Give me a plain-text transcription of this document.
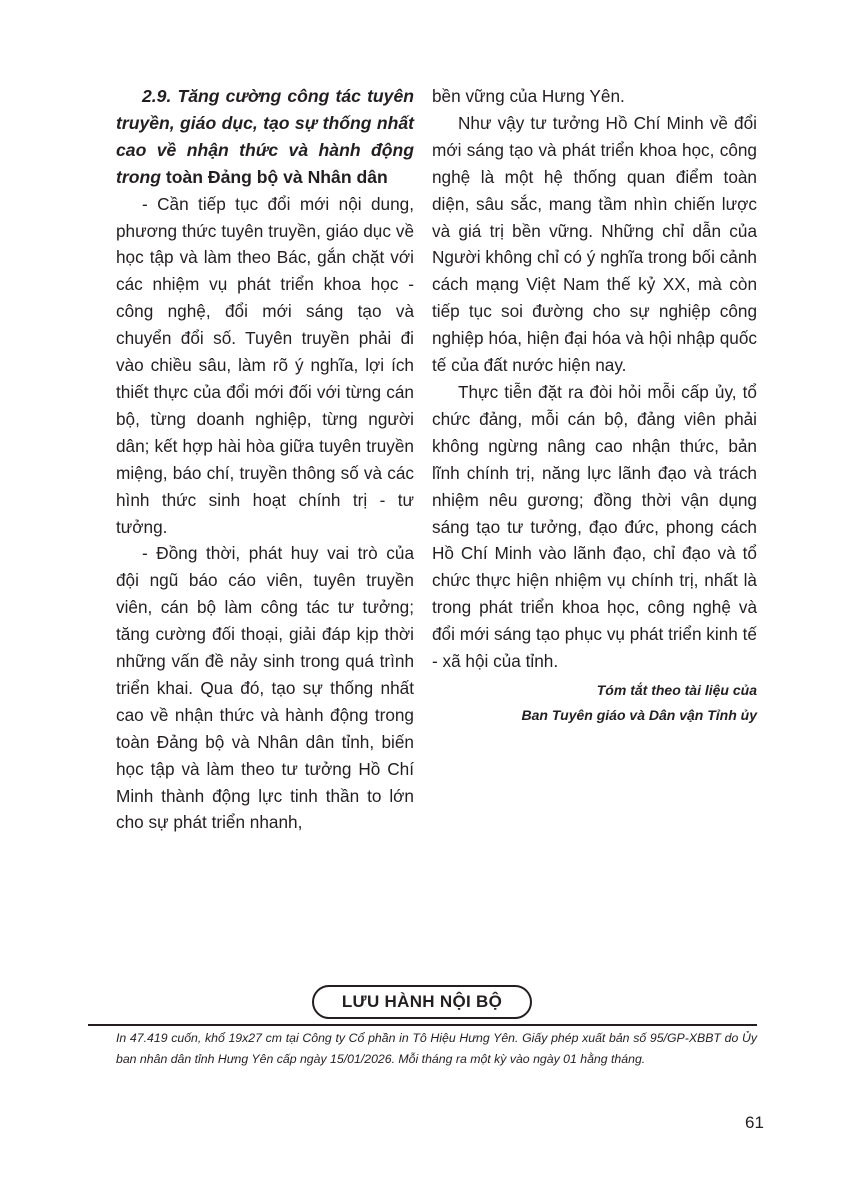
2.9. Tăng cường công tác tuyên truyền, giáo dục, tạo sự thống nhất cao về nhận thức và hành động trong toàn Đảng bộ và Nhân dân

- Cần tiếp tục đổi mới nội dung, phương thức tuyên truyền, giáo dục về học tập và làm theo Bác, gắn chặt với các nhiệm vụ phát triển khoa học - công nghệ, đổi mới sáng tạo và chuyển đổi số. Tuyên truyền phải đi vào chiều sâu, làm rõ ý nghĩa, lợi ích thiết thực của đổi mới đối với từng cán bộ, từng doanh nghiệp, từng người dân; kết hợp hài hòa giữa tuyên truyền miệng, báo chí, truyền thông số và các hình thức sinh hoạt chính trị - tư tưởng.

- Đồng thời, phát huy vai trò của đội ngũ báo cáo viên, tuyên truyền viên, cán bộ làm công tác tư tưởng; tăng cường đối thoại, giải đáp kịp thời những vấn đề nảy sinh trong quá trình triển khai. Qua đó, tạo sự thống nhất cao về nhận thức và hành động trong toàn Đảng bộ và Nhân dân tỉnh, biến học tập và làm theo tư tưởng Hồ Chí Minh thành động lực tinh thần to lớn cho sự phát triển nhanh,

bền vững của Hưng Yên.

Như vậy tư tưởng Hồ Chí Minh về đổi mới sáng tạo và phát triển khoa học, công nghệ là một hệ thống quan điểm toàn diện, sâu sắc, mang tầm nhìn chiến lược và giá trị bền vững. Những chỉ dẫn của Người không chỉ có ý nghĩa trong bối cảnh cách mạng Việt Nam thế kỷ XX, mà còn tiếp tục soi đường cho sự nghiệp công nghiệp hóa, hiện đại hóa và hội nhập quốc tế của đất nước hiện nay.

Thực tiễn đặt ra đòi hỏi mỗi cấp ủy, tổ chức đảng, mỗi cán bộ, đảng viên phải không ngừng nâng cao nhận thức, bản lĩnh chính trị, năng lực lãnh đạo và trách nhiệm nêu gương; đồng thời vận dụng sáng tạo tư tưởng, đạo đức, phong cách Hồ Chí Minh vào lãnh đạo, chỉ đạo và tổ chức thực hiện nhiệm vụ chính trị, nhất là trong phát triển khoa học, công nghệ và đổi mới sáng tạo phục vụ phát triển kinh tế - xã hội của tỉnh.

Tóm tắt theo tài liệu của
Ban Tuyên giáo và Dân vận Tỉnh ủy
LƯU HÀNH NỘI BỘ
In 47.419 cuốn, khổ 19x27 cm tại Công ty Cổ phần in Tô Hiệu Hưng Yên. Giấy phép xuất bản số 95/GP-XBBT do Ủy ban nhân dân tỉnh Hưng Yên cấp ngày 15/01/2026. Mỗi tháng ra một kỳ vào ngày 01 hằng tháng.
61
